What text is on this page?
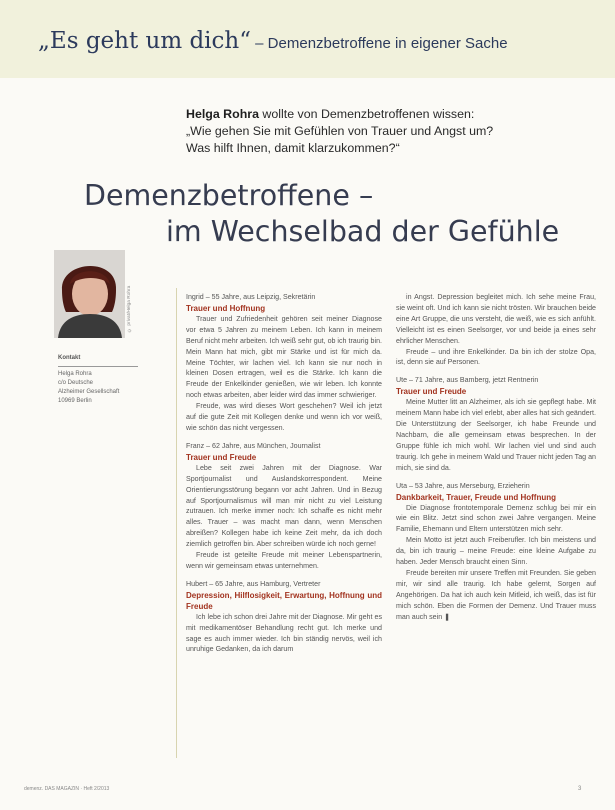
„Es geht um dich“ – Demenzbetroffene in eigener Sache
Helga Rohra wollte von Demenzbetroffenen wissen:
„Wie gehen Sie mit Gefühlen von Trauer und Angst um?
Was hilft Ihnen, damit klarzukommen?“
Demenzbetroffene –
im Wechselbad der Gefühle
© privat/Helga Rohra
Kontakt
Helga Rohra
c/o Deutsche
Alzheimer Gesellschaft
10969 Berlin

Ingrid – 55 Jahre, aus Leipzig, Sekretärin

Trauer und Hoffnung

Trauer und Zufriedenheit gehören seit meiner Diagnose vor etwa 5 Jahren zu meinem Leben. Ich kann in meinem Beruf nicht mehr arbeiten. Ich weiß sehr gut, ob ich traurig bin. Mein Mann hat mich, gibt mir Stärke und ist für mich da. Meine Töchter, wir lachen viel. Ich kann sie nur noch in kleinen Dosen ertragen, weil es die Stärke. Ich kann die Freude der Enkelkinder genießen, wie wir leben. Ich konnte noch etwas arbeiten, aber leider wird das immer schwieriger.

Freude, was wird dieses Wort geschehen? Weil ich jetzt auf die gute Zeit mit Kollegen denke und wenn ich vor weiß, wie schön das nicht vergessen.

Franz – 62 Jahre, aus München, Journalist

Trauer und Freude

Lebe seit zwei Jahren mit der Diagnose. War Sportjournalist und Auslandskorrespondent. Meine Orientierungsstörung begann vor acht Jahren. Und in Bezug auf Sportjournalismus will man mir nicht zu viel Leistung zutrauen. Ich merke immer noch: Ich schaffe es nicht mehr alles. Trauer – was macht man dann, wenn Menschen abreißen? Kollegen habe ich keine Zeit mehr, da ich doch ziemlich getroffen bin. Aber schreiben würde ich noch gerne!

Freude ist geteilte Freude mit meiner Lebenspartnerin, wenn wir gemeinsam etwas unternehmen.

Hubert – 65 Jahre, aus Hamburg, Vertreter

Depression, Hilflosigkeit, Erwartung, Hoffnung und Freude

Ich lebe ich schon drei Jahre mit der Diagnose. Mir geht es mit medikamentöser Behandlung recht gut. Ich merke und sage es auch immer wieder. Ich bin ständig nervös, weil ich unruhige Gedanken, da ich darum

in Angst. Depression begleitet mich. Ich sehe meine Frau, sie weint oft. Und ich kann sie nicht trösten. Wir brauchen beide eine Art Gruppe, die uns versteht, die weiß, wie es sich anfühlt. Vielleicht ist es einen Seelsorger, vor und beide ja eines sehr ehrlicher Menschen.

Freude – und ihre Enkelkinder. Da bin ich der stolze Opa, ist, denn sie auf Personen.

Ute – 71 Jahre, aus Bamberg, jetzt Rentnerin

Trauer und Freude

Meine Mutter litt an Alzheimer, als ich sie gepflegt habe. Mit meinem Mann habe ich viel erlebt, aber alles hat sich geändert. Die Unterstützung der Seelsorger, ich habe Freunde und Nachbarn, die alle gemeinsam etwas besprechen. In der Gruppe fühle ich mich wohl. Wir lachen viel und sind auch traurig. Ich gehe in meinem Wald und Trauer nicht jeden Tag an mich, sie sind da.

Uta – 53 Jahre, aus Merseburg, Erzieherin

Dankbarkeit, Trauer, Freude und Hoffnung

Die Diagnose frontotemporale Demenz schlug bei mir ein wie ein Blitz. Jetzt sind schon zwei Jahre vergangen. Meine Familie, Ehemann und Eltern unterstützen mich sehr.

Mein Motto ist jetzt auch Freiberufler. Ich bin meistens und da, bin ich traurig – meine Freude: eine kleine Aufgabe zu haben. Jeder Mensch braucht einen Sinn.

Freude bereiten mir unsere Treffen mit Freunden. Sie geben mir, wir sind alle traurig. Ich habe gelernt, Sorgen auf Angehörigen. Da hat ich auch kein Mitleid, ich weiß, das ist für mich schön. Eben die Formen der Demenz. Und Trauer muss man auch sein ❚

demenz. DAS MAGAZIN · Heft 2/2013	3
